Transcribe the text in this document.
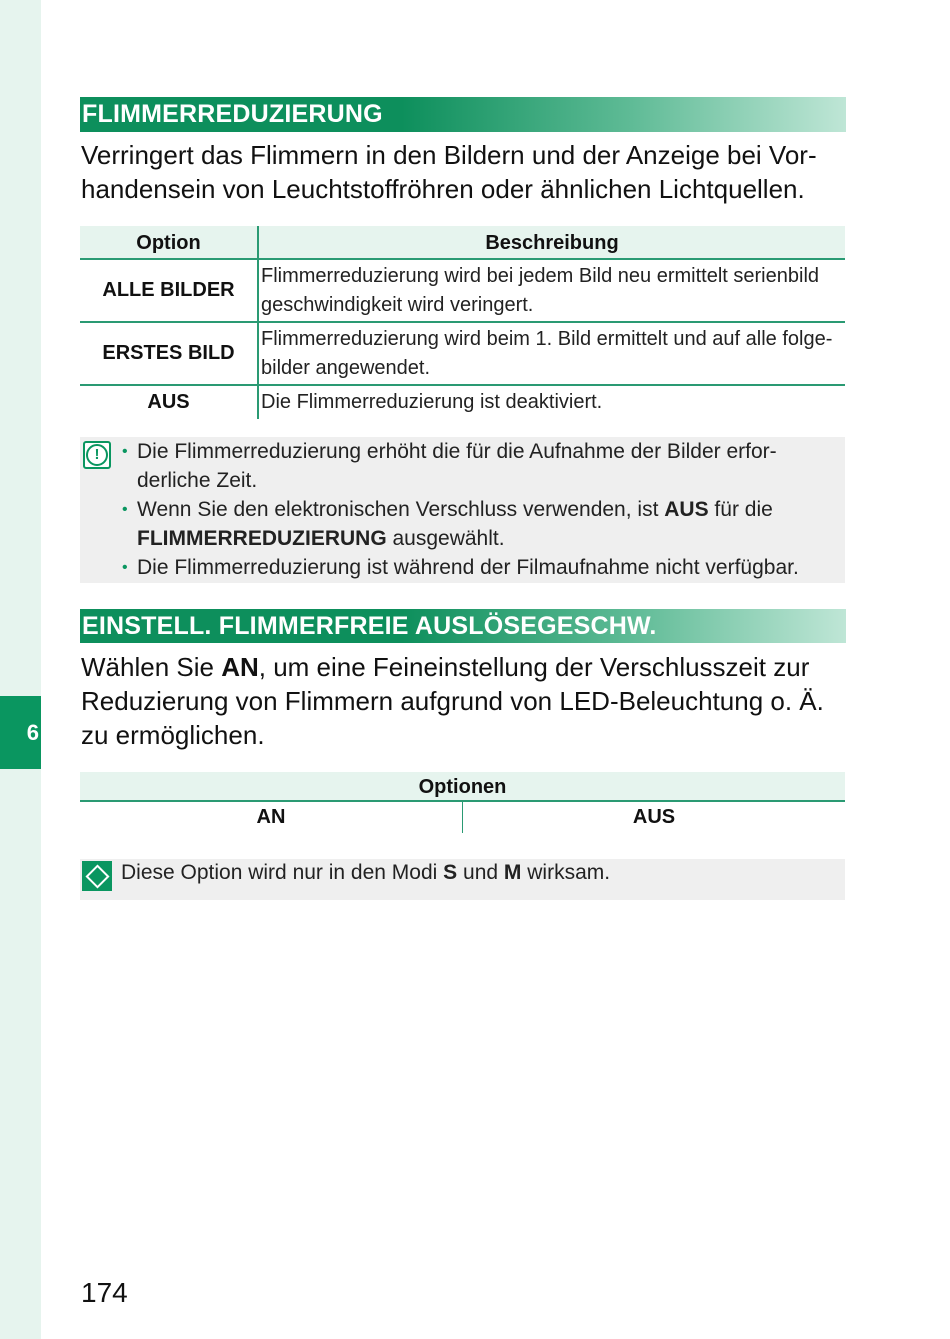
6
FLIMMERREDUZIERUNG
Verringert das Flimmern in den Bildern und der Anzeige bei Vor-
handensein von Leuchtstoffröhren oder ähnlichen Lichtquellen.
Option	Beschreibung
ALLE BILDER
Flimmerreduzierung wird bei jedem Bild neu ermittelt serienbild
geschwindigkeit wird veringert.
ERSTES BILD
Flimmerreduzierung wird beim 1. Bild ermittelt und auf alle folge-
bilder angewendet.
AUS	Die Flimmerreduzierung ist deaktiviert.
!
•	Die Flimmerreduzierung erhöht die für die Aufnahme der Bilder erfor-
derliche Zeit.
• Wenn Sie den elektronischen Verschluss verwenden, ist AUS für die
FLIMMERREDUZIERUNG ausgewählt.
• Die Flimmerreduzierung ist während der Filmaufnahme nicht verfügbar.
EINSTELL. FLIMMERFREIE AUSLÖSEGESCHW.
Wählen Sie AN, um eine Feineinstellung der Verschlusszeit zur
Reduzierung von Flimmern aufgrund von LED-Beleuchtung o. Ä.
zu ermöglichen.
Optionen
AN	AUS
Diese Option wird nur in den Modi S und M wirksam.
174
